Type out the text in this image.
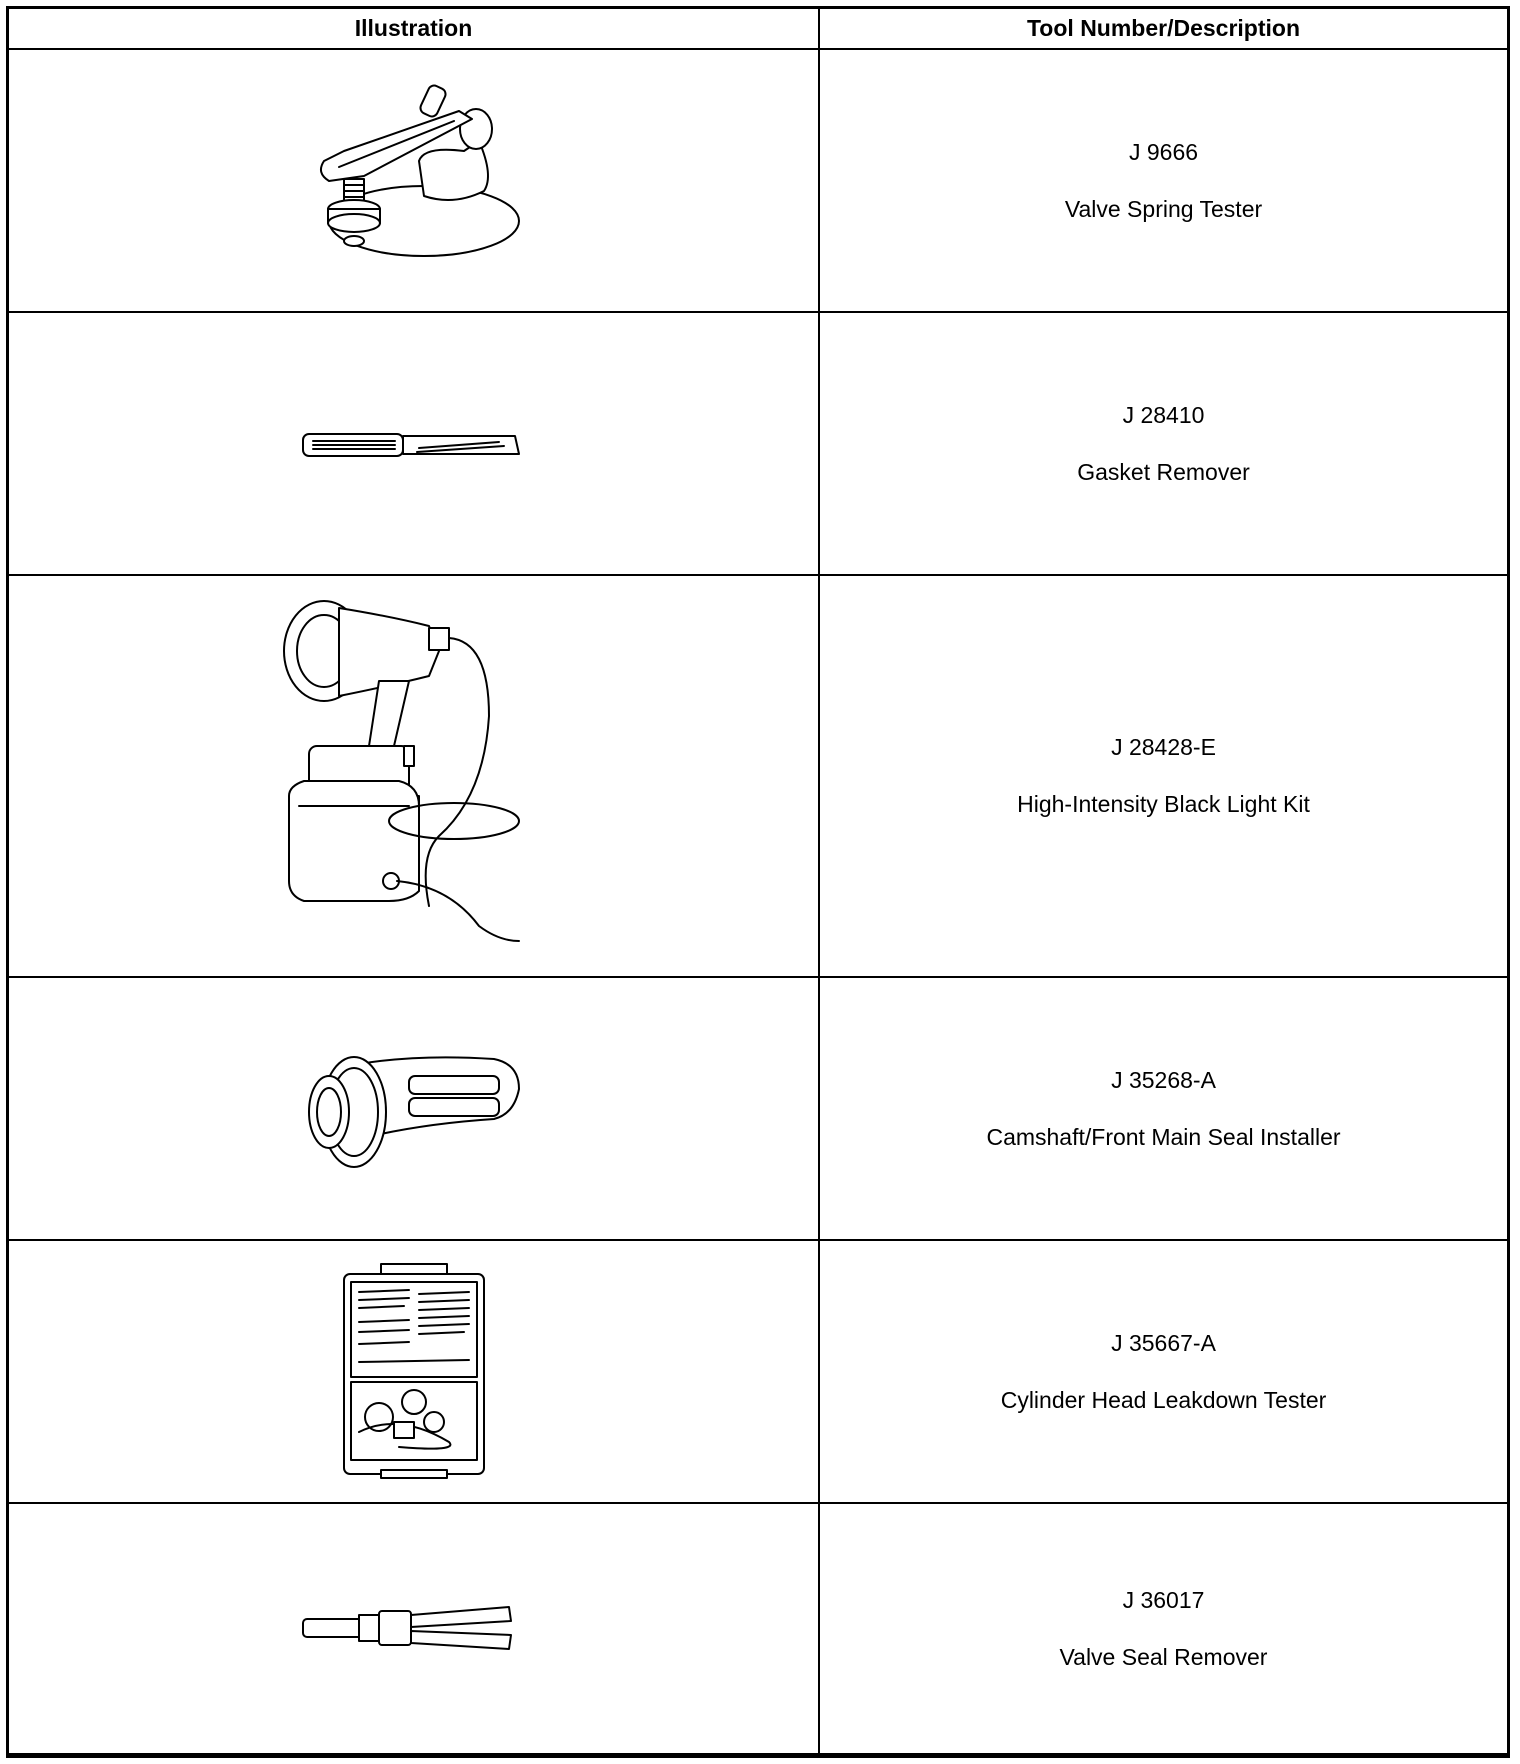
Illustration	Tool Number/Description
J 9666
Valve Spring Tester
J 28410
Gasket Remover
J 28428-E
High-Intensity Black Light Kit
J 35268-A
Camshaft/Front Main Seal Installer
J 35667-A
Cylinder Head Leakdown Tester
J 36017
Valve Seal Remover
